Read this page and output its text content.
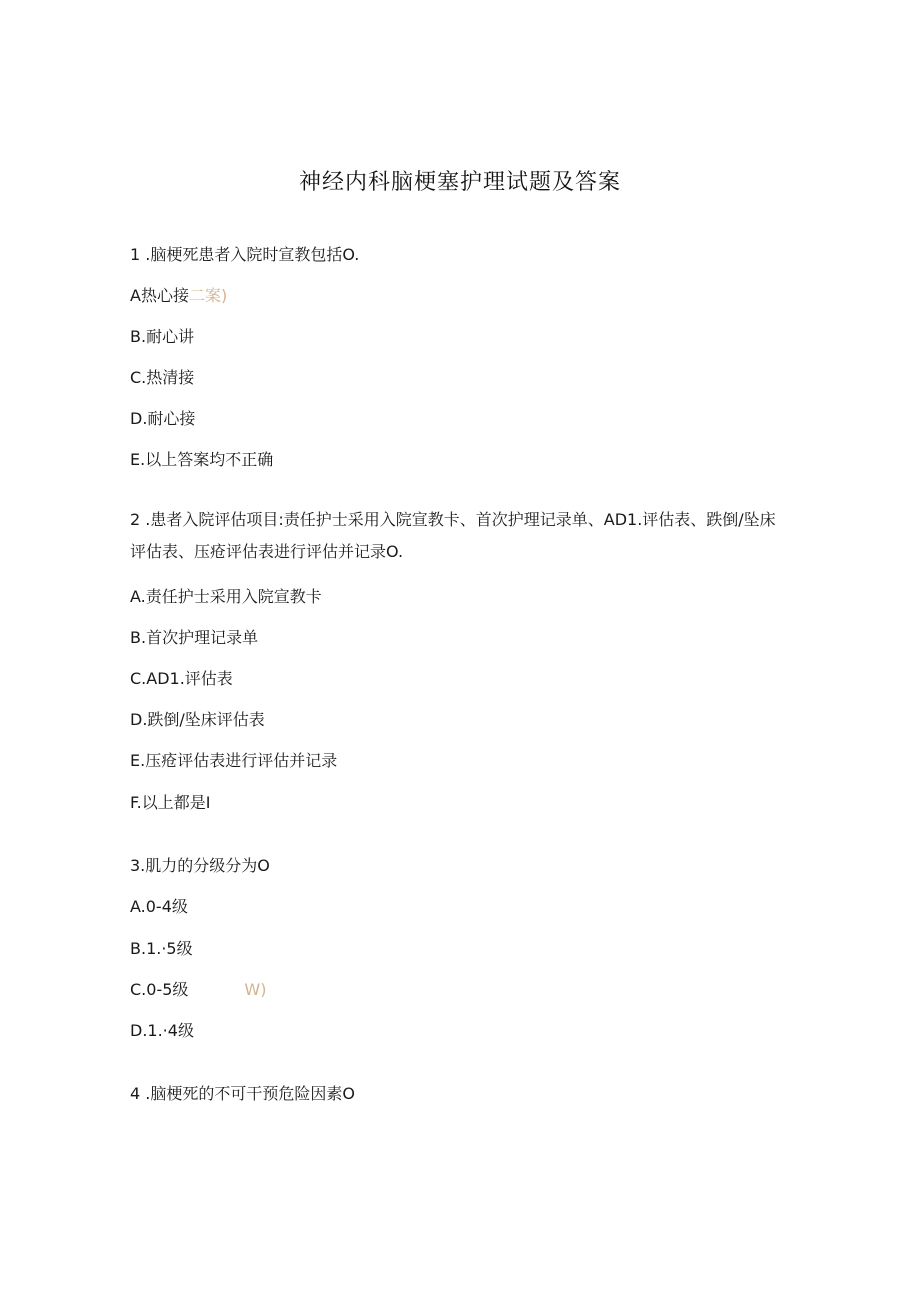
神经内科脑梗塞护理试题及答案
1 .脑梗死患者入院时宣教包括O.
A热心接二案)
B.耐心讲
C.热清接
D.耐心接
E.以上答案均不正确
2 .患者入院评估项目:责任护士采用入院宣教卡、首次护理记录单、AD1.评估表、跌倒/坠床评估表、压疮评估表进行评估并记录O.
A.责任护士采用入院宣教卡
B.首次护理记录单
C.AD1.评估表
D.跌倒/坠床评估表
E.压疮评估表进行评估并记录
F.以上都是I
3.肌力的分级分为O
A.0-4级
B.1.·5级
C.0-5级	W)
D.1.·4级
4 .脑梗死的不可干预危险因素O
